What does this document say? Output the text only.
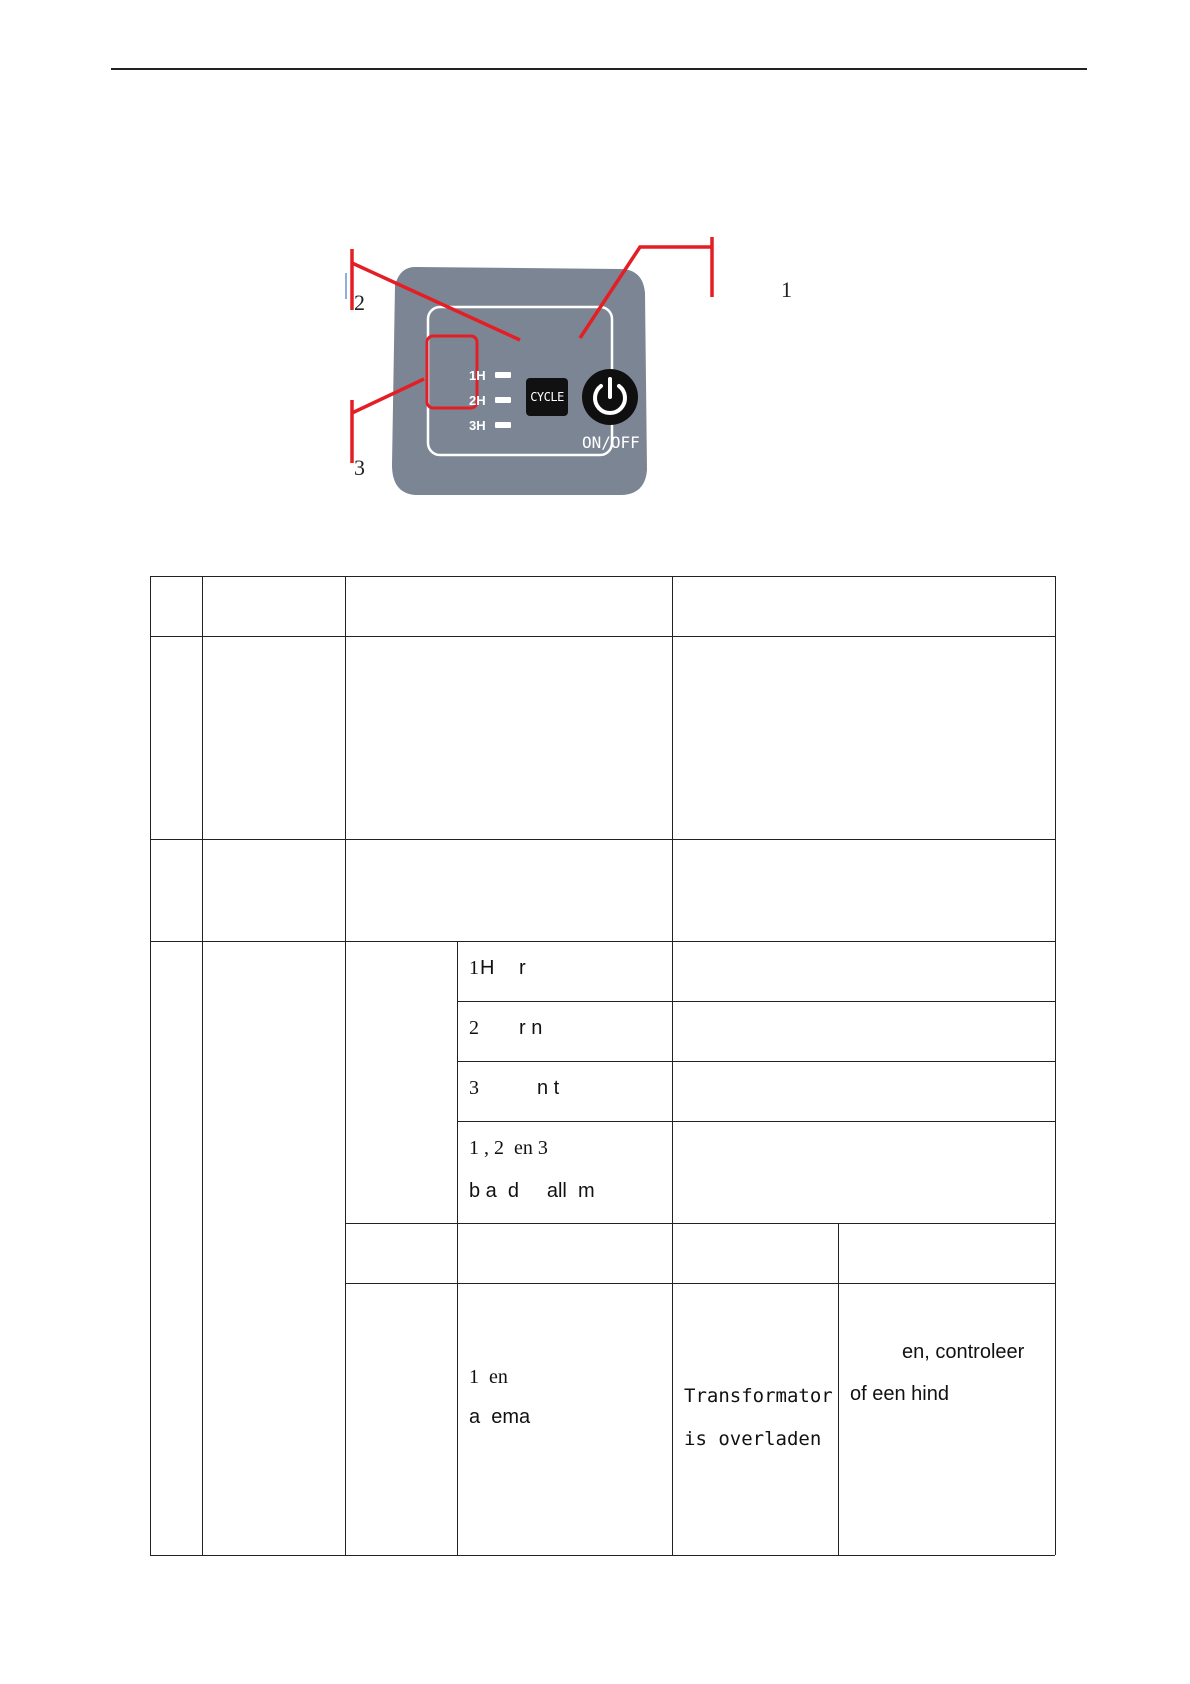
1
2
3
1H
2H
3H
CYCLE
ON/OFF
1 H r
2 r n
3	n t
1 , 2  en 3
b a  d     all  m
1  en
a  ema
Transformator
is overladen
en, controleer
of een hind
